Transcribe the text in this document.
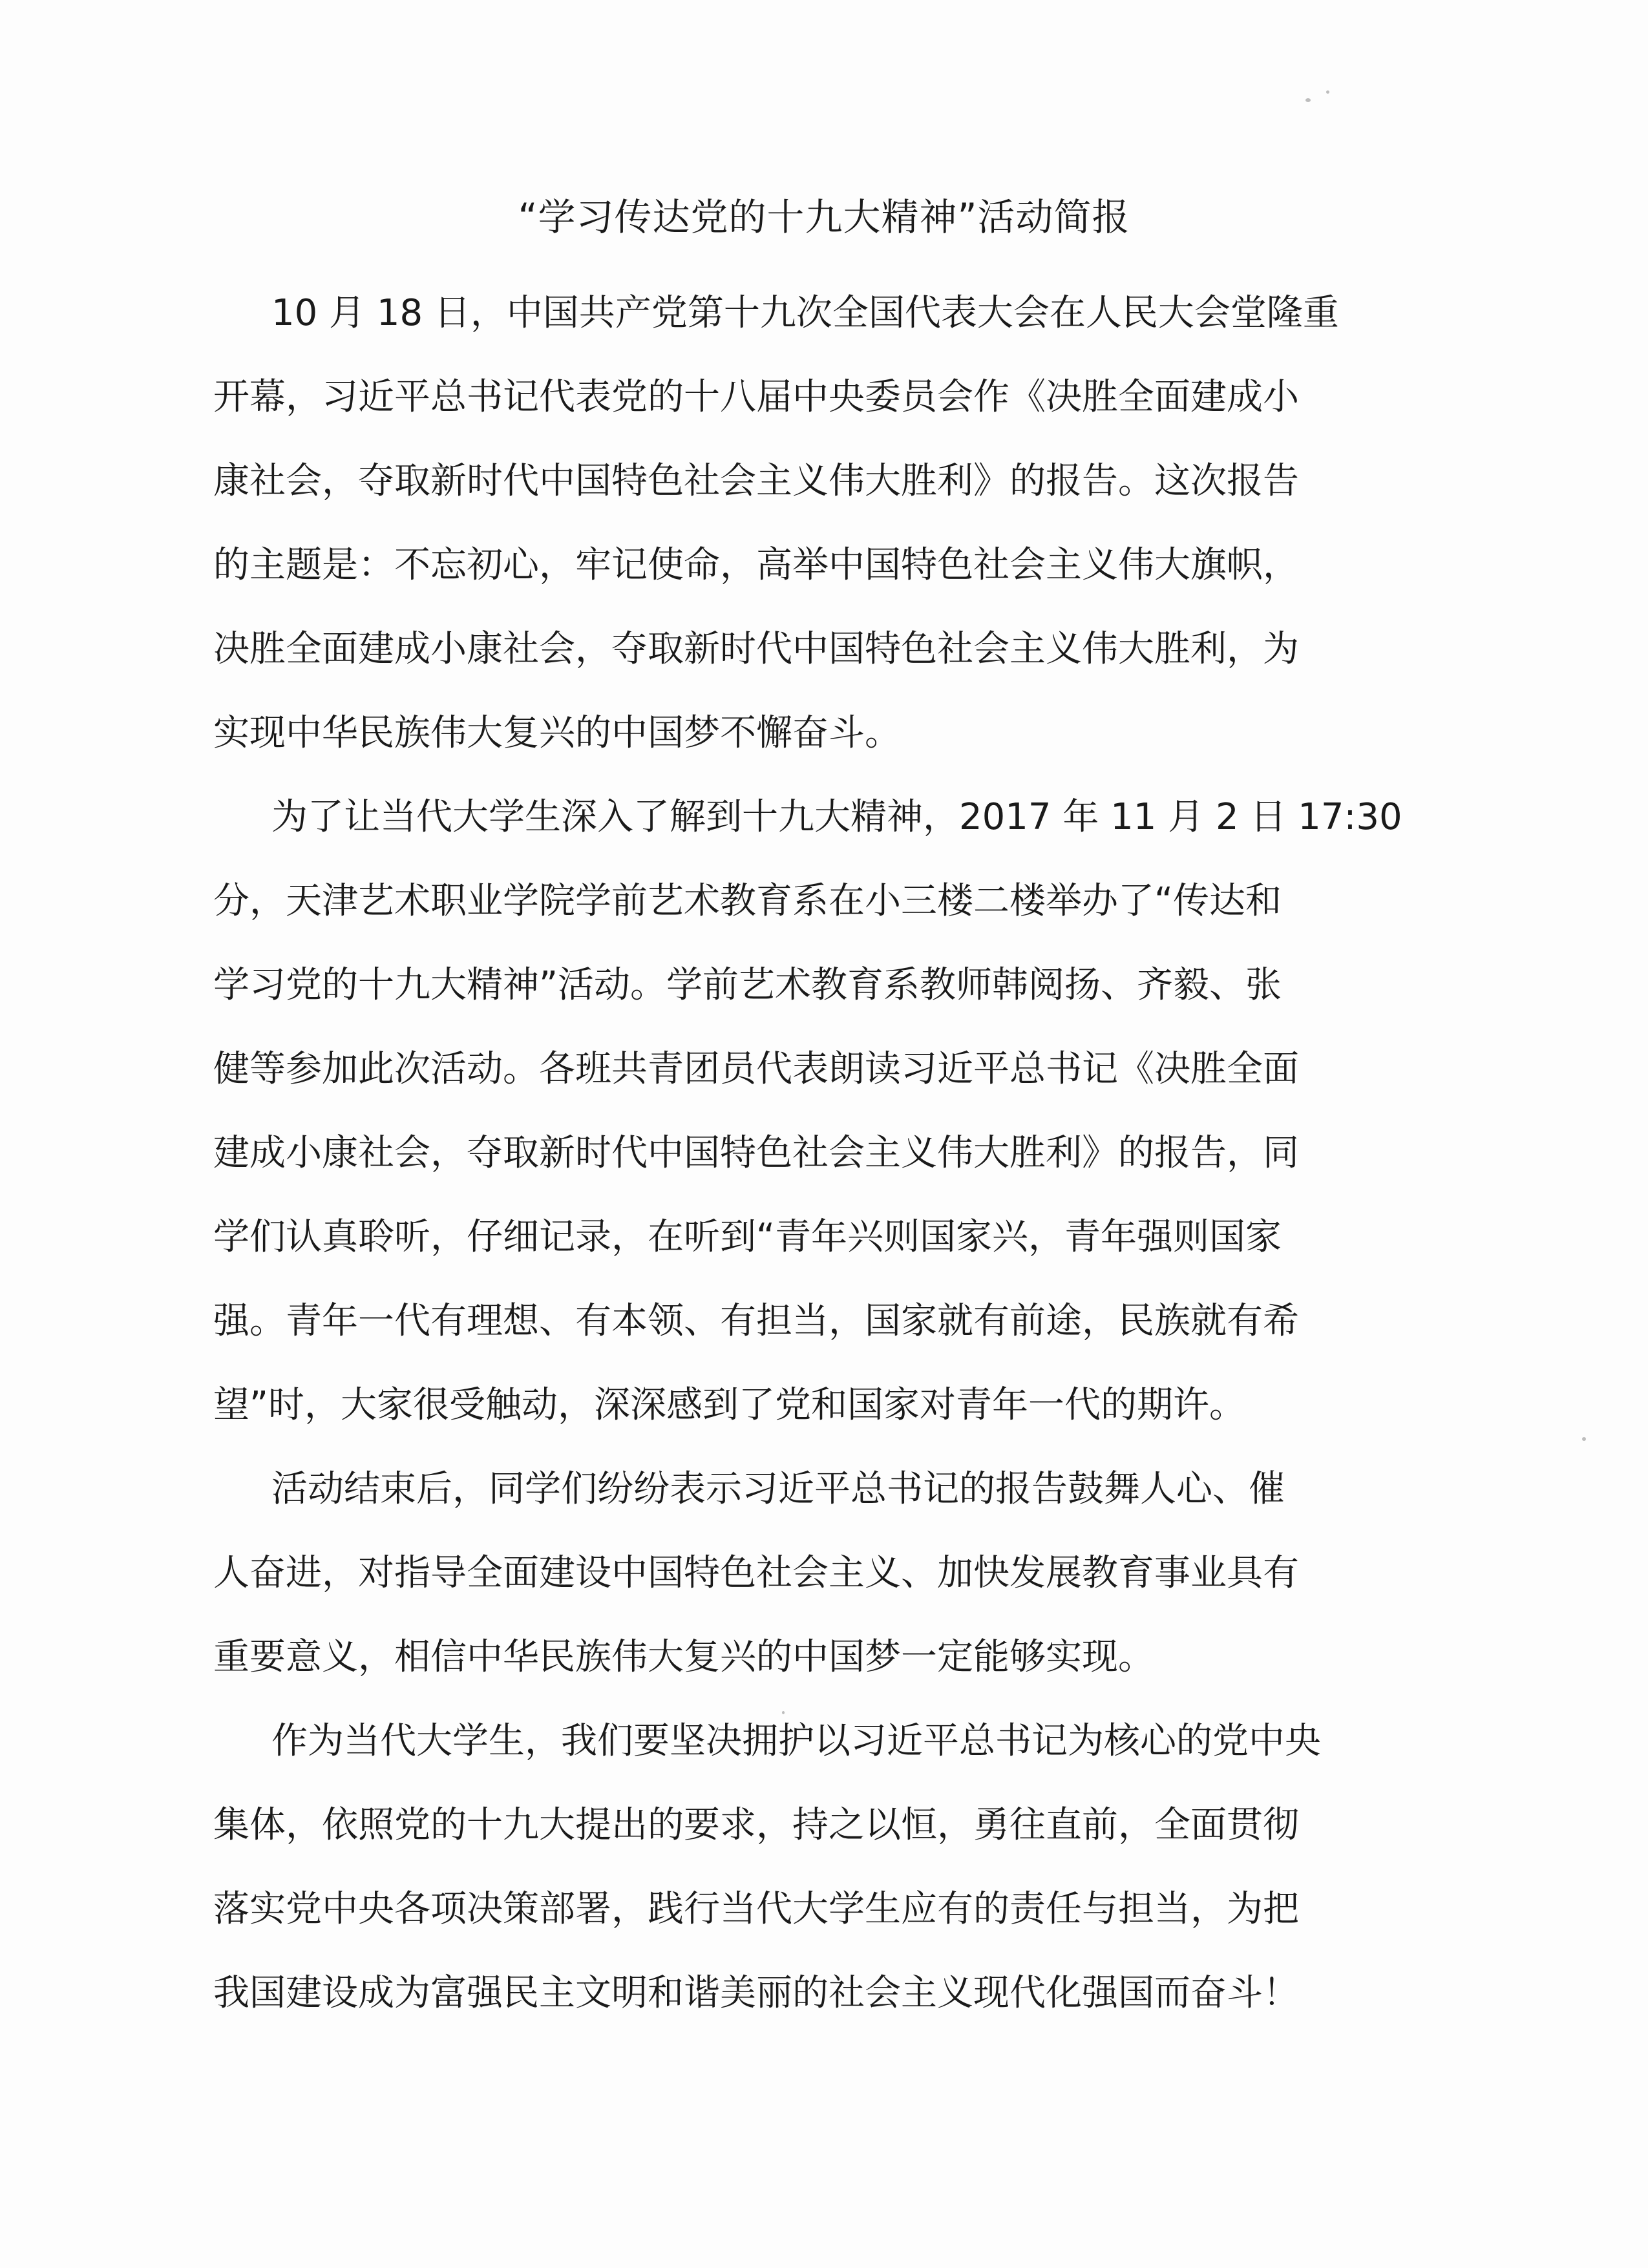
“学习传达党的十九大精神”活动简报

10 月 18 日，中国共产党第十九次全国代表大会在人民大会堂隆重
开幕，习近平总书记代表党的十八届中央委员会作《决胜全面建成小
康社会，夺取新时代中国特色社会主义伟大胜利》的报告。这次报告
的主题是：不忘初心，牢记使命，高举中国特色社会主义伟大旗帜，
决胜全面建成小康社会，夺取新时代中国特色社会主义伟大胜利，为
实现中华民族伟大复兴的中国梦不懈奋斗。

为了让当代大学生深入了解到十九大精神，2017 年 11 月 2 日 17:30
分，天津艺术职业学院学前艺术教育系在小三楼二楼举办了“传达和
学习党的十九大精神”活动。学前艺术教育系教师韩阅扬、齐毅、张
健等参加此次活动。各班共青团员代表朗读习近平总书记《决胜全面
建成小康社会，夺取新时代中国特色社会主义伟大胜利》的报告，同
学们认真聆听，仔细记录，在听到“青年兴则国家兴，青年强则国家
强。青年一代有理想、有本领、有担当，国家就有前途，民族就有希
望”时，大家很受触动，深深感到了党和国家对青年一代的期许。

活动结束后，同学们纷纷表示习近平总书记的报告鼓舞人心、催
人奋进，对指导全面建设中国特色社会主义、加快发展教育事业具有
重要意义，相信中华民族伟大复兴的中国梦一定能够实现。

作为当代大学生，我们要坚决拥护以习近平总书记为核心的党中央
集体，依照党的十九大提出的要求，持之以恒，勇往直前，全面贯彻
落实党中央各项决策部署，践行当代大学生应有的责任与担当，为把
我国建设成为富强民主文明和谐美丽的社会主义现代化强国而奋斗！
